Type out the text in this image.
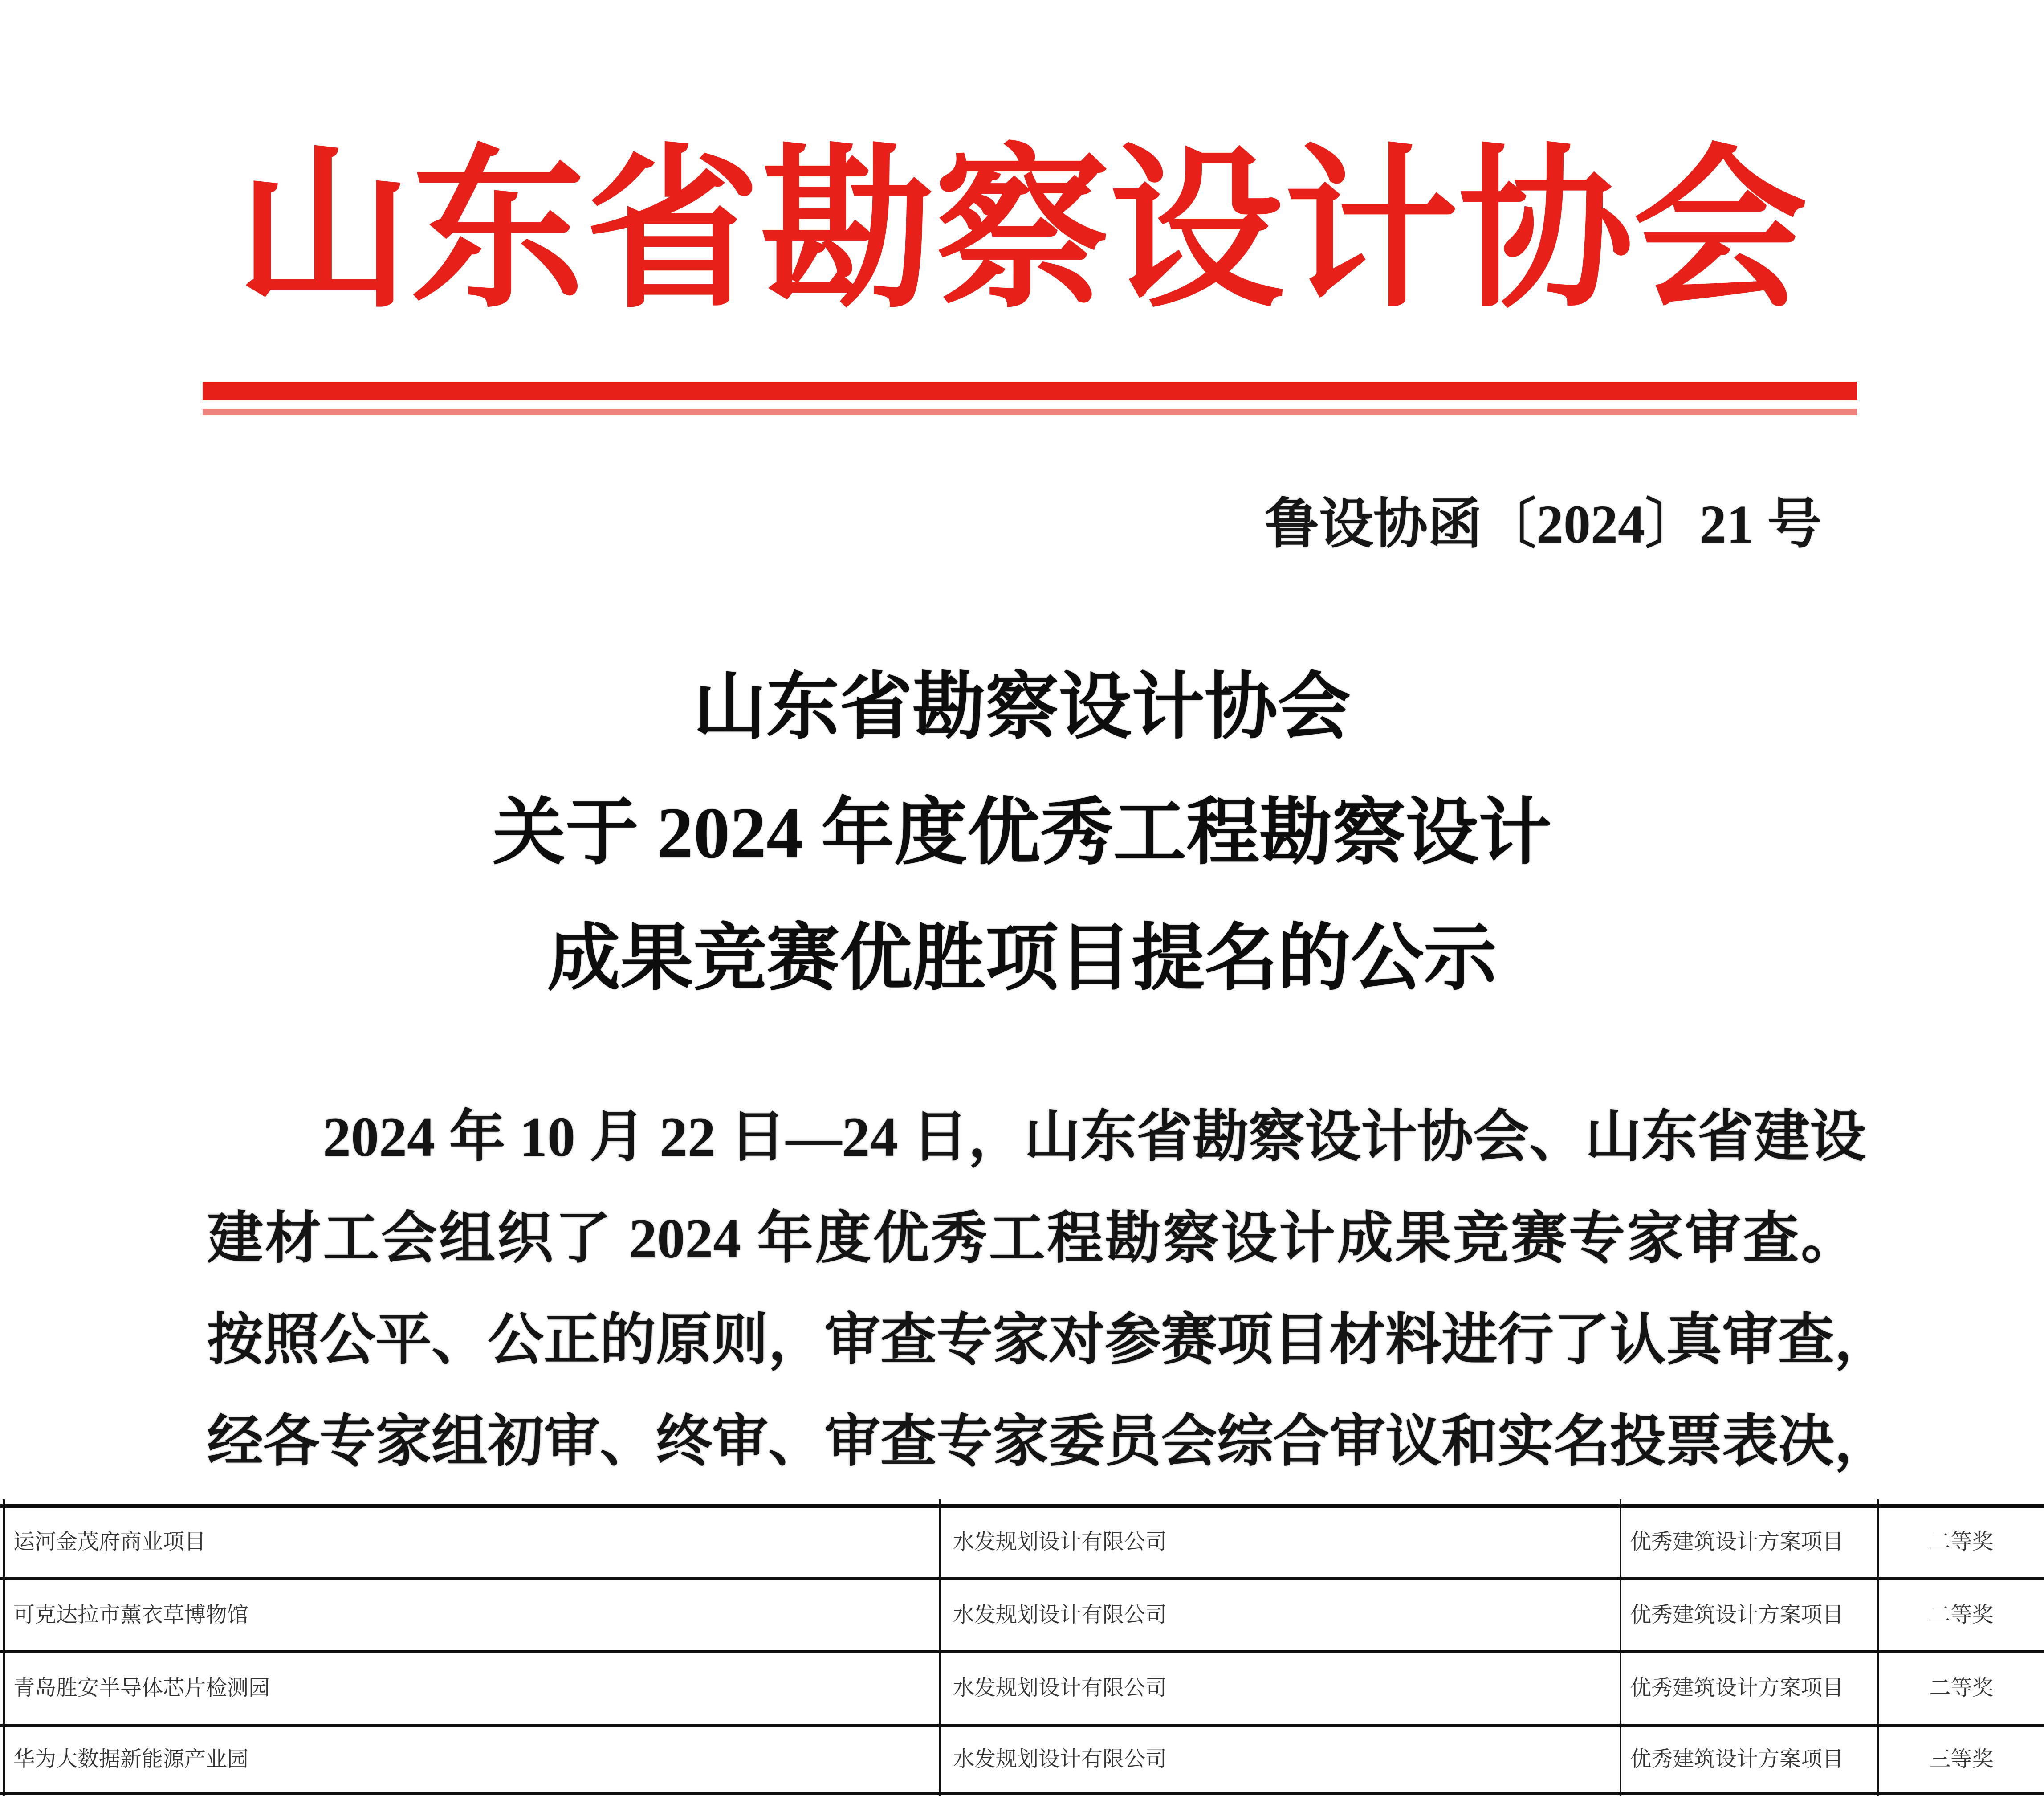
山东省勘察设计协会
鲁设协函〔2024〕21 号
山东省勘察设计协会
关于 2024 年度优秀工程勘察设计
成果竞赛优胜项目提名的公示
2024 年 10 月 22 日—24 日，山东省勘察设计协会、山东省建设
建材工会组织了 2024 年度优秀工程勘察设计成果竞赛专家审查。
按照公平、公正的原则，审查专家对参赛项目材料进行了认真审查，
经各专家组初审、终审、审查专家委员会综合审议和实名投票表决，
运河金茂府商业项目	水发规划设计有限公司	优秀建筑设计方案项目	二等奖
可克达拉市薰衣草博物馆	水发规划设计有限公司	优秀建筑设计方案项目	二等奖
青岛胜安半导体芯片检测园	水发规划设计有限公司	优秀建筑设计方案项目	二等奖
华为大数据新能源产业园	水发规划设计有限公司	优秀建筑设计方案项目	三等奖
